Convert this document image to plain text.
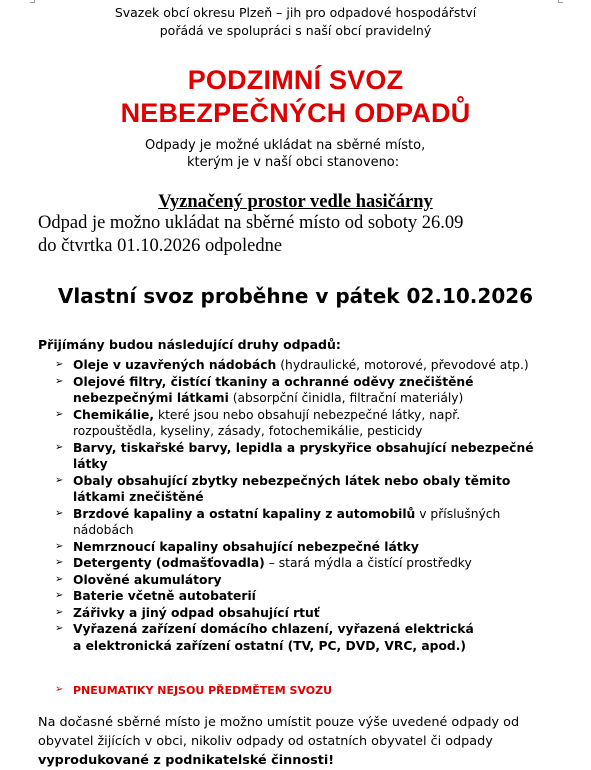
Svazek obcí okresu Plzeň – jih pro odpadové hospodářství
pořádá ve spolupráci s naší obcí pravidelný
PODZIMNÍ SVOZ
NEBEZPEČNÝCH ODPADŮ
Odpady je možné ukládat na sběrné místo,
kterým je v naší obci stanoveno:
Vyznačený prostor vedle hasičárny
Odpad je možno ukládat na sběrné místo od soboty 26.09
do čtvrtka 01.10.2026 odpoledne
Vlastní svoz proběhne v pátek 02.10.2026
Přijímány budou následující druhy odpadů:
➢ Oleje v uzavřených nádobách (hydraulické, motorové, převodové atp.)
➢ Olejové filtry, čistící tkaniny a ochranné oděvy znečištěné
nebezpečnými látkami (absorpční činidla, filtrační materiály)
➢ Chemikálie, které jsou nebo obsahují nebezpečné látky, např.
rozpouštědla, kyseliny, zásady, fotochemikálie, pesticidy
➢ Barvy, tiskařské barvy, lepidla a pryskyřice obsahující nebezpečné
látky
➢ Obaly obsahující zbytky nebezpečných látek nebo obaly těmito
látkami znečištěné
➢ Brzdové kapaliny a ostatní kapaliny z automobilů v příslušných
nádobách
➢ Nemrznoucí kapaliny obsahující nebezpečné látky
➢ Detergenty (odmašťovadla) – stará mýdla a čistící prostředky
➢ Olověné akumulátory
➢ Baterie včetně autobaterií
➢ Zářivky a jiný odpad obsahující rtuť
➢ Vyřazená zařízení domácího chlazení, vyřazená elektrická
a elektronická zařízení ostatní (TV, PC, DVD, VRC, apod.)
➢ PNEUMATIKY NEJSOU PŘEDMĚTEM SVOZU
Na dočasné sběrné místo je možno umístit pouze výše uvedené odpady od obyvatel žijících v obci, nikoliv odpady od ostatních obyvatel či odpady vyprodukované z podnikatelské činnosti!
